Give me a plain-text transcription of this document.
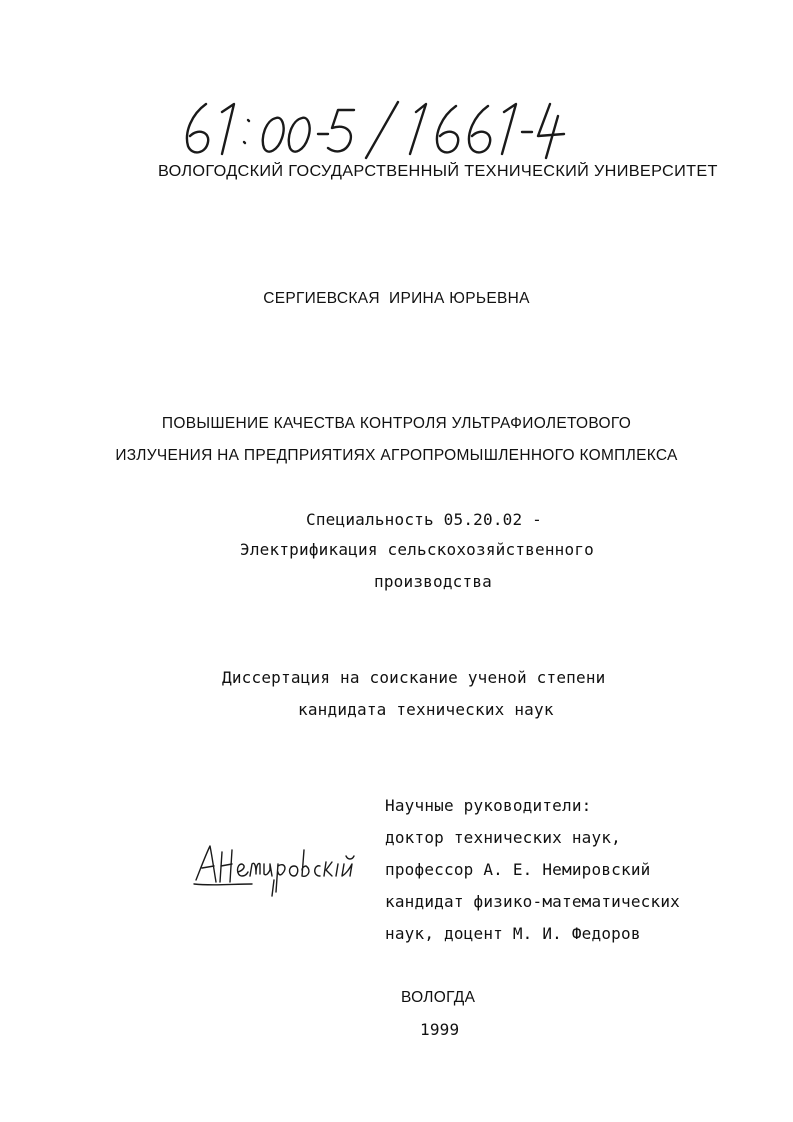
ВОЛОГОДСКИЙ ГОСУДАРСТВЕННЫЙ ТЕХНИЧЕСКИЙ УНИВЕРСИТЕТ
СЕРГИЕВСКАЯ  ИРИНА ЮРЬЕВНА
ПОВЫШЕНИЕ КАЧЕСТВА КОНТРОЛЯ УЛЬТРАФИОЛЕТОВОГО
ИЗЛУЧЕНИЯ НА ПРЕДПРИЯТИЯХ АГРОПРОМЫШЛЕННОГО КОМПЛЕКСА
Специальность 05.20.02 -
Электрификация сельскохозяйственного
производства
Диссертация на соискание ученой степени
кандидата технических наук
Научные руководители:
доктор технических наук,
профессор А. Е. Немировский
кандидат физико-математических
наук, доцент М. И. Федоров
ВОЛОГДА
1999
